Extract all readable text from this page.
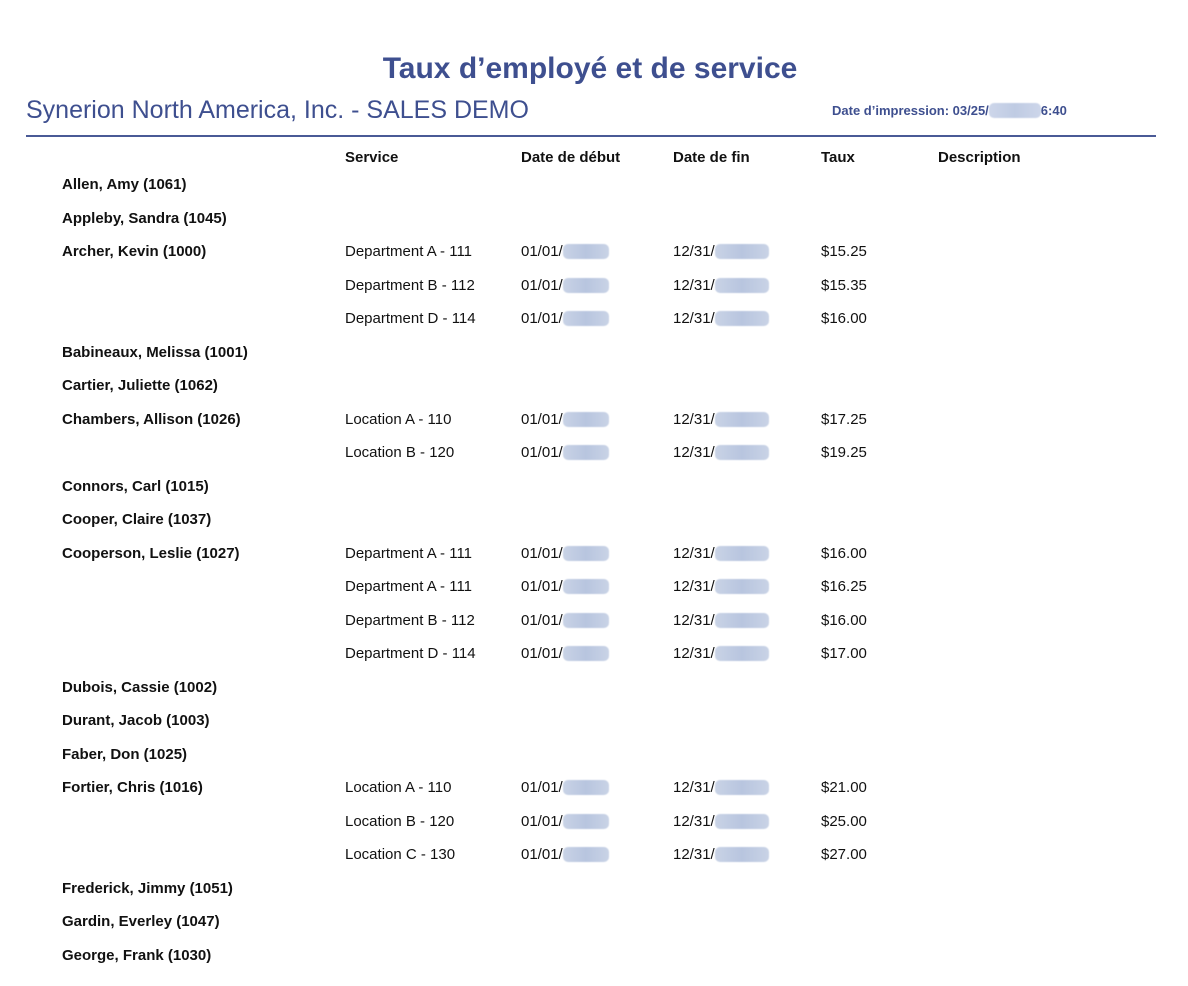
Taux d’employé et de service
Synerion North America, Inc. - SALES DEMO	Date d’impression: 03/25/	6:40
Service	Date de début	Date de fin	Taux	Description
Allen, Amy (1061)
Appleby, Sandra (1045)
Archer, Kevin (1000)	Department A - 111	01/01/	12/31/	$15.25
Department B - 112	01/01/	12/31/	$15.35
Department D - 114	01/01/	12/31/	$16.00
Babineaux, Melissa (1001)
Cartier, Juliette (1062)
Chambers, Allison (1026)	Location A - 110	01/01/	12/31/	$17.25
Location B - 120	01/01/	12/31/	$19.25
Connors, Carl (1015)
Cooper, Claire (1037)
Cooperson, Leslie (1027)	Department A - 111	01/01/	12/31/	$16.00
Department A - 111	01/01/	12/31/	$16.25
Department B - 112	01/01/	12/31/	$16.00
Department D - 114	01/01/	12/31/	$17.00
Dubois, Cassie (1002)
Durant, Jacob (1003)
Faber, Don (1025)
Fortier, Chris (1016)	Location A - 110	01/01/	12/31/	$21.00
Location B - 120	01/01/	12/31/	$25.00
Location C - 130	01/01/	12/31/	$27.00
Frederick, Jimmy (1051)
Gardin, Everley (1047)
George, Frank (1030)
